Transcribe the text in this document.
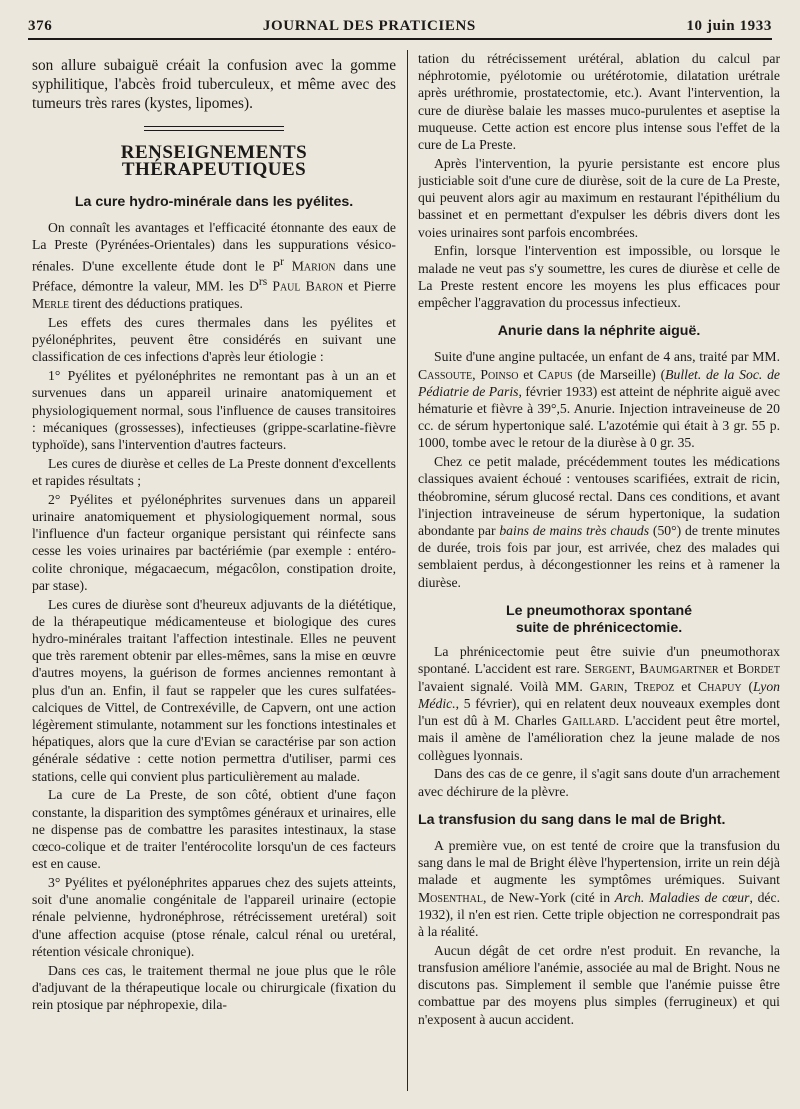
376	JOURNAL DES PRATICIENS	10 juin 1933

son allure subaiguë créait la confusion avec la gomme syphilitique, l'abcès froid tuberculeux, et même avec des tumeurs très rares (kystes, lipomes).

RENSEIGNEMENTS THÉRAPEUTIQUES
La cure hydro-minérale dans les pyélites.

On connaît les avantages et l'efficacité étonnante des eaux de La Preste (Pyrénées-Orientales) dans les suppurations vésico-rénales. D'une excellente étude dont le $P^r$ Marion dans une Préface, démontre la valeur, MM. les $D^{rs}$ Paul Baron et Pierre Merle tirent des déductions pratiques.

Les effets des cures thermales dans les pyélites et pyélonéphrites, peuvent être considérés en suivant une classification de ces infections d'après leur étiologie :

1° Pyélites et pyélonéphrites ne remontant pas à un an et survenues dans un appareil urinaire anatomiquement et physiologiquement normal, sous l'influence de causes transitoires : mécaniques (grossesses), infectieuses (grippe-scarlatine-fièvre typhoïde), sans l'intervention d'autres facteurs.

Les cures de diurèse et celles de La Preste donnent d'excellents et rapides résultats ;

2° Pyélites et pyélonéphrites survenues dans un appareil urinaire anatomiquement et physiologiquement normal, sous l'influence d'un facteur organique persistant qui réinfecte sans cesse les voies urinaires par bactériémie (par exemple : entéro-colite chronique, mégacaecum, mégacôlon, constipation droite, par stase).

Les cures de diurèse sont d'heureux adjuvants de la diététique, de la thérapeutique médicamenteuse et biologique des cures hydro-minérales traitant l'affection intestinale. Elles ne peuvent que très rarement obtenir par elles-mêmes, sans la mise en œuvre d'autres moyens, la guérison de formes anciennes remontant à plus d'un an. Enfin, il faut se rappeler que les cures sulfatées-calciques de Vittel, de Contrexéville, de Capvern, ont une action légèrement stimulante, notamment sur les fonctions intestinales et hépatiques, alors que la cure d'Evian se caractérise par son action générale sédative : cette notion permettra d'utiliser, parmi ces stations, celle qui convient plus particulièrement au malade.

La cure de La Preste, de son côté, obtient d'une façon constante, la disparition des symptômes généraux et urinaires, elle ne dispense pas de combattre les parasites intestinaux, la stase cœco-colique et de traiter l'entérocolite lorsqu'un de ces facteurs est en cause.

3° Pyélites et pyélonéphrites apparues chez des sujets atteints, soit d'une anomalie congénitale de l'appareil urinaire (ectopie rénale pelvienne, hydronéphrose, rétrécissement uretéral) soit d'une affection acquise (ptose rénale, calcul rénal ou uretéral, rétention vésicale chronique).

Dans ces cas, le traitement thermal ne joue plus que le rôle d'adjuvant de la thérapeutique locale ou chirurgicale (fixation du rein ptosique par néphropexie, dila-

tation du rétrécissement urétéral, ablation du calcul par néphrotomie, pyélotomie ou urétérotomie, dilatation urétrale après uréthromie, prostatectomie, etc.). Avant l'intervention, la cure de diurèse balaie les masses muco-purulentes et aseptise la muqueuse. Cette action est encore plus intense sous l'effet de la cure de La Preste.

Après l'intervention, la pyurie persistante est encore plus justiciable soit d'une cure de diurèse, soit de la cure de La Preste, qui peuvent alors agir au maximum en restaurant l'épithélium du bassinet et en permettant d'expulser les débris divers dont les voies urinaires sont parfois encombrées.

Enfin, lorsque l'intervention est impossible, ou lorsque le malade ne veut pas s'y soumettre, les cures de diurèse et celle de La Preste restent encore les moyens les plus efficaces pour empêcher l'aggravation du processus infectieux.

Anurie dans la néphrite aiguë.

Suite d'une angine pultacée, un enfant de 4 ans, traité par MM. Cassoute, Poinso et Capus (de Marseille) (Bullet. de la Soc. de Pédiatrie de Paris, février 1933) est atteint de néphrite aiguë avec hématurie et fièvre à 39°,5. Anurie. Injection intraveineuse de 20 cc. de sérum hypertonique salé. L'azotémie qui était à 3 gr. 55 p. 1000, tombe avec le retour de la diurèse à 0 gr. 35.

Chez ce petit malade, précédemment toutes les médications classiques avaient échoué : ventouses scarifiées, extrait de ricin, théobromine, sérum glucosé rectal. Dans ces conditions, et avant l'injection intraveineuse de sérum hypertonique, la sudation abondante par bains de mains très chauds (50°) de trente minutes de durée, trois fois par jour, est arrivée, chez des malades qui semblaient perdus, à décongestionner les reins et à ramener la diurèse.

Le pneumothorax spontané
suite de phrénicectomie.

La phrénicectomie peut être suivie d'un pneumothorax spontané. L'accident est rare. Sergent, Baumgartner et Bordet l'avaient signalé. Voilà MM. Garin, Trepoz et Chapuy (Lyon Médic., 5 février), qui en relatent deux nouveaux exemples dont l'un est dû à M. Charles Gaillard. L'accident peut être mortel, mais il amène de l'amélioration chez la jeune malade de nos collègues lyonnais.

Dans des cas de ce genre, il s'agit sans doute d'un arrachement avec déchirure de la plèvre.

La transfusion du sang dans le mal de Bright.

A première vue, on est tenté de croire que la transfusion du sang dans le mal de Bright élève l'hypertension, irrite un rein déjà malade et augmente les symptômes urémiques. Suivant Mosenthal, de New-York (cité in Arch. Maladies de cœur, déc. 1932), il n'en est rien. Cette triple objection ne correspondrait pas à la réalité.

Aucun dégât de cet ordre n'est produit. En revanche, la transfusion améliore l'anémie, associée au mal de Bright. Nous ne discutons pas. Simplement il semble que l'anémie puisse être combattue par des moyens plus simples (ferrugineux) et qui n'exposent à aucun accident.
